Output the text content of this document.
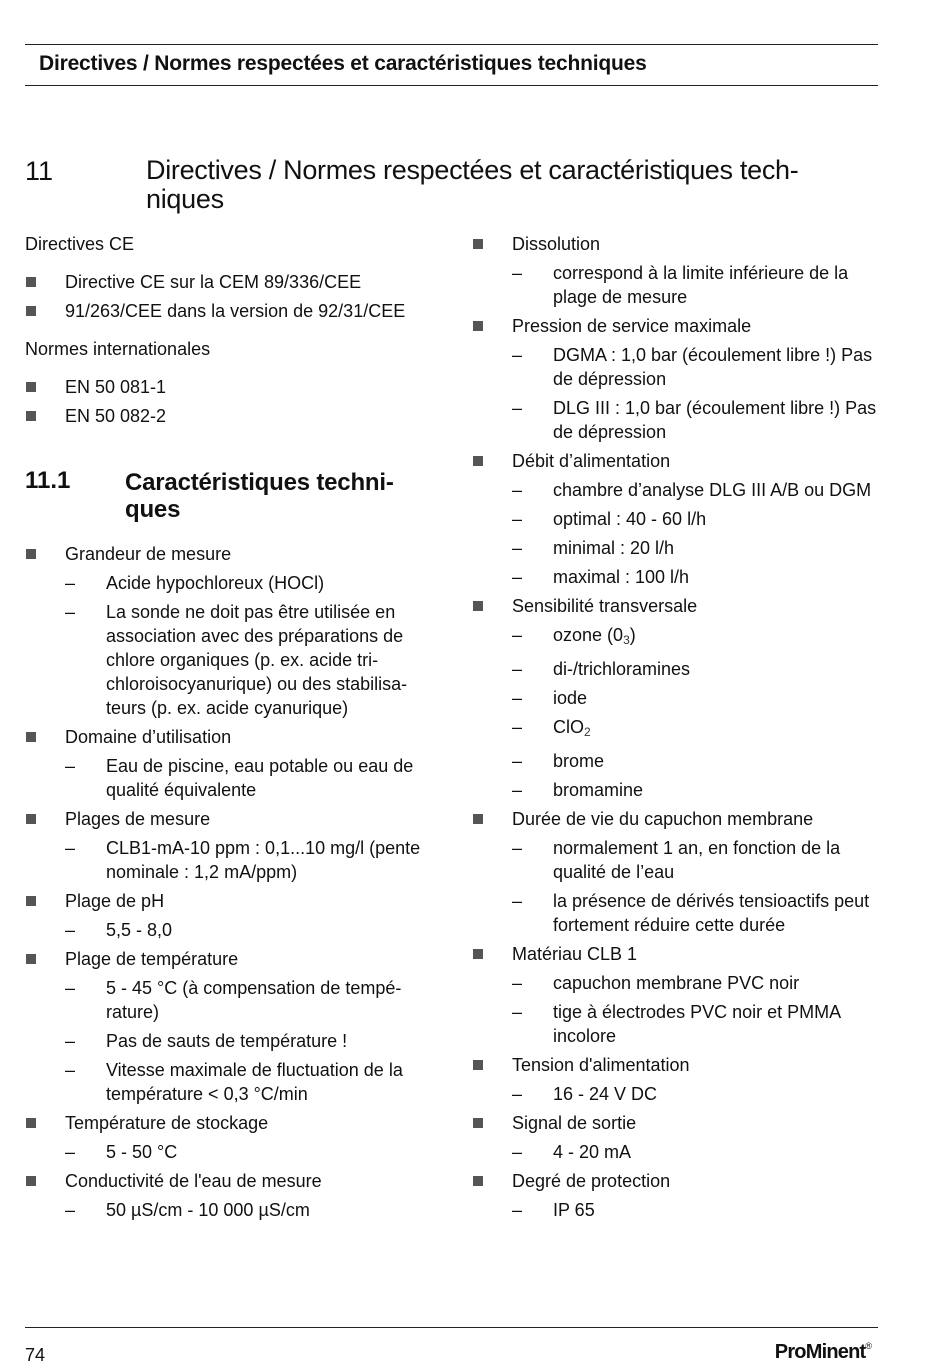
Directives / Normes respectées et caractéristiques techniques
11	Directives / Normes respectées et caractéristiques tech-niques

Directives CE

Directive CE sur la CEM 89/336/CEE
91/263/CEE dans la version de 92/31/CEE

Normes internationales

EN 50 081-1
EN 50 082-2
11.1 Caractéristiques techni-ques
Grandeur de mesure
– Acide hypochloreux (HOCl)
– La sonde ne doit pas être utilisée en association avec des préparations de chlore organiques (p. ex. acide tri-chloroisocyanurique) ou des stabilisa-teurs (p. ex. acide cyanurique)
Domaine d’utilisation
– Eau de piscine, eau potable ou eau de qualité équivalente
Plages de mesure
– CLB1-mA-10 ppm : 0,1...10 mg/l (pente nominale : 1,2 mA/ppm)
Plage de pH
– 5,5 - 8,0
Plage de température
– 5 - 45 °C (à compensation de tempé-rature)
– Pas de sauts de température !
– Vitesse maximale de fluctuation de la température < 0,3 °C/min
Température de stockage
– 5 - 50 °C
Conductivité de l'eau de mesure
– 50 µS/cm - 10 000 µS/cm
Dissolution
– correspond à la limite inférieure de la plage de mesure
Pression de service maximale
– DGMA : 1,0 bar (écoulement libre !) Pas de dépression
– DLG III : 1,0 bar (écoulement libre !) Pas de dépression
Débit d’alimentation
– chambre d’analyse DLG III A/B ou DGM
– optimal : 40 - 60 l/h
– minimal : 20 l/h
– maximal : 100 l/h
Sensibilité transversale
– ozone $(0_3)$
– di-/trichloramines
– iode
– ClO$_2$
– brome
– bromamine
Durée de vie du capuchon membrane
– normalement 1 an, en fonction de la qualité de l’eau
– la présence de dérivés tensioactifs peut fortement réduire cette durée
Matériau CLB 1
– capuchon membrane PVC noir
– tige à électrodes PVC noir et PMMA incolore
Tension d'alimentation
– 16 - 24 V DC
Signal de sortie
– 4 - 20 mA
Degré de protection
– IP 65
74	ProMinent®
